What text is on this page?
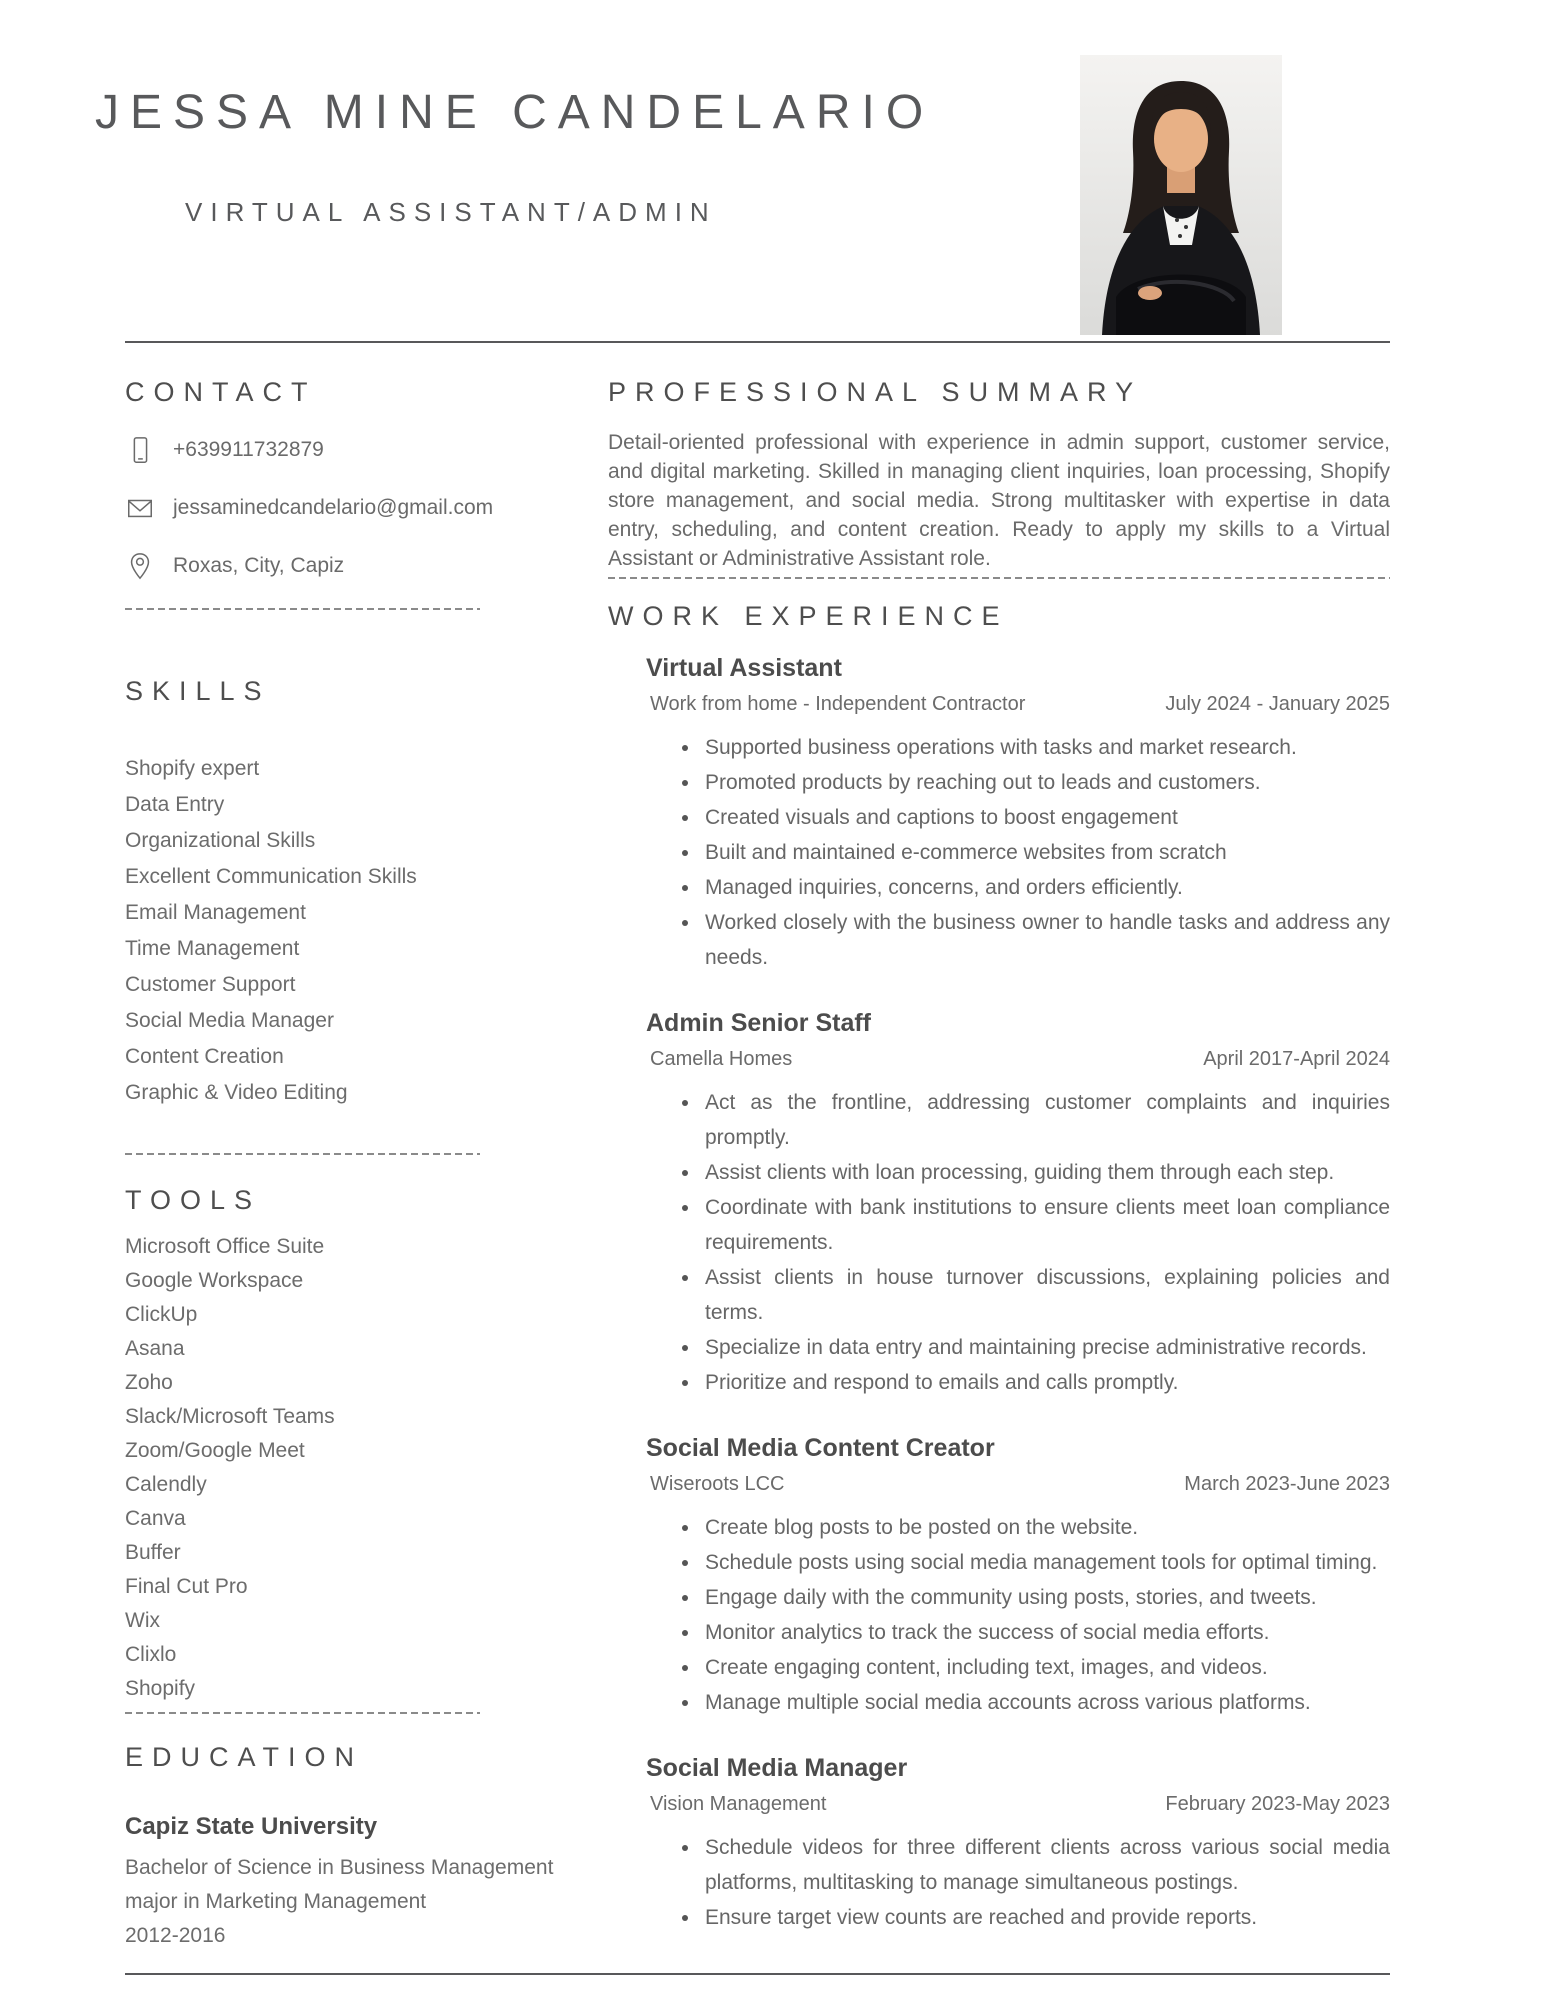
JESSA MINE CANDELARIO
VIRTUAL ASSISTANT/ADMIN
CONTACT
+639911732879
jessaminedcandelario@gmail.com
Roxas, City, Capiz
SKILLS
Shopify expert
Data Entry
Organizational Skills
Excellent Communication Skills
Email Management
Time Management
Customer Support
Social Media Manager
Content Creation
Graphic & Video Editing
TOOLS
Microsoft Office Suite
Google Workspace
ClickUp
Asana
Zoho
Slack/Microsoft Teams
Zoom/Google Meet
Calendly
Canva
Buffer
Final Cut Pro
Wix
Clixlo
Shopify
EDUCATION
Capiz State University
Bachelor of Science in Business Management
major in Marketing Management
2012-2016
PROFESSIONAL SUMMARY

Detail-oriented professional with experience in admin support, customer service, and digital marketing. Skilled in managing client inquiries, loan processing, Shopify store management, and social media. Strong multitasker with expertise in data entry, scheduling, and content creation. Ready to apply my skills to a Virtual Assistant or Administrative Assistant role.

WORK EXPERIENCE
Virtual Assistant
Work from home - Independent Contractor	July 2024 - January 2025
• Supported business operations with tasks and market research.
• Promoted products by reaching out to leads and customers.
• Created visuals and captions to boost engagement
• Built and maintained e-commerce websites from scratch
• Managed inquiries, concerns, and orders efficiently.
• Worked closely with the business owner to handle tasks and address any needs.
Admin Senior Staff
Camella Homes	April 2017-April 2024
• Act as the frontline, addressing customer complaints and inquiries promptly.
• Assist clients with loan processing, guiding them through each step.
• Coordinate with bank institutions to ensure clients meet loan compliance requirements.
• Assist clients in house turnover discussions, explaining policies and terms.
• Specialize in data entry and maintaining precise administrative records.
• Prioritize and respond to emails and calls promptly.
Social Media Content Creator
Wiseroots LCC	March 2023-June 2023
• Create blog posts to be posted on the website.
• Schedule posts using social media management tools for optimal timing.
• Engage daily with the community using posts, stories, and tweets.
• Monitor analytics to track the success of social media efforts.
• Create engaging content, including text, images, and videos.
• Manage multiple social media accounts across various platforms.
Social Media Manager
Vision Management	February 2023-May 2023
• Schedule videos for three different clients across various social media platforms, multitasking to manage simultaneous postings.
• Ensure target view counts are reached and provide reports.
